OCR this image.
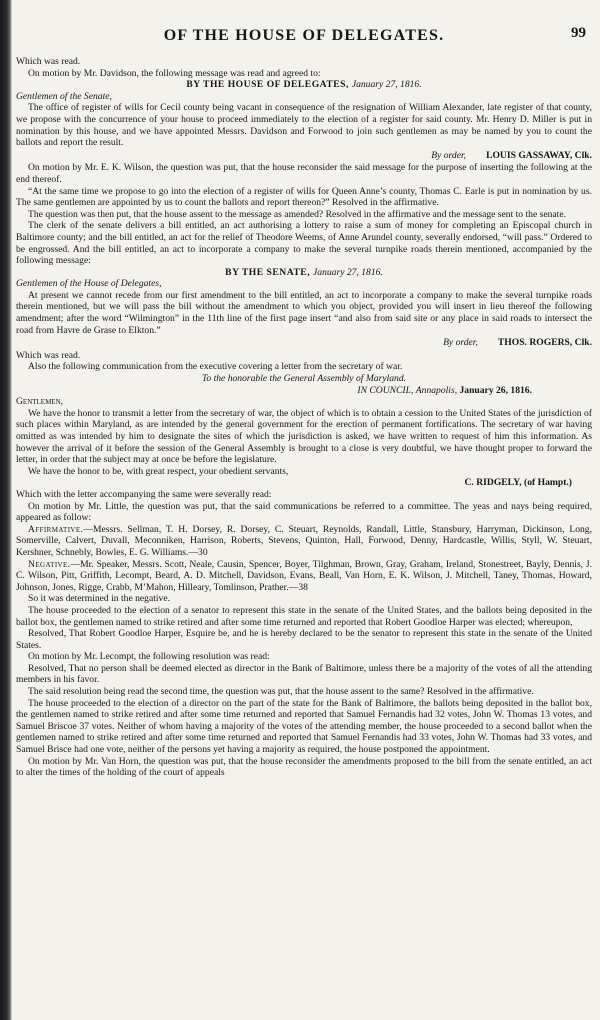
OF THE HOUSE OF DELEGATES.	99

Which was read.

On motion by Mr. Davidson, the following message was read and agreed to:

BY THE HOUSE OF DELEGATES, January 27, 1816.

Gentlemen of the Senate,

The office of register of wills for Cecil county being vacant in consequence of the resignation of William Alexander, late register of that county, we propose with the concurrence of your house to proceed immediately to the election of a register for said county. Mr. Henry D. Miller is put in nomination by this house, and we have appointed Messrs. Davidson and Forwood to join such gentlemen as may be named by you to count the ballots and report the result.

By order, LOUIS GASSAWAY, Clk.

On motion by Mr. E. K. Wilson, the question was put, that the house reconsider the said message for the purpose of inserting the following at the end thereof.

“At the same time we propose to go into the election of a register of wills for Queen Anne’s county, Thomas C. Earle is put in nomination by us. The same gentlemen are appointed by us to count the ballots and report thereon?” Resolved in the affirmative.

The question was then put, that the house assent to the message as amended? Resolved in the affirmative and the message sent to the senate.

The clerk of the senate delivers a bill entitled, an act authorising a lottery to raise a sum of money for completing an Episcopal church in Baltimore county; and the bill entitled, an act for the relief of Theodore Weems, of Anne Arundel county, severally endorsed, “will pass.” Ordered to be engrossed. And the bill entitled, an act to incorporate a company to make the several turnpike roads therein mentioned, accompanied by the following message:

BY THE SENATE, January 27, 1816.

Gentlemen of the House of Delegates,

At present we cannot recede from our first amendment to the bill entitled, an act to incorporate a company to make the several turnpike roads therein mentioned, but we will pass the bill without the amendment to which you object, provided you will insert in lieu thereof the following amendment; after the word “Wilmington” in the 11th line of the first page insert “and also from said site or any place in said roads to intersect the road from Havre de Grase to Elkton.”

By order, THOS. ROGERS, Clk.

Which was read.

Also the following communication from the executive covering a letter from the secretary of war.

To the honorable the General Assembly of Maryland.

IN COUNCIL, Annapolis, January 26, 1816.

Gentlemen,

We have the honor to transmit a letter from the secretary of war, the object of which is to obtain a cession to the United States of the jurisdiction of such places within Maryland, as are intended by the general government for the erection of permanent fortifications. The secretary of war having omitted as was intended by him to designate the sites of which the jurisdiction is asked, we have written to request of him this information. As however the arrival of it before the session of the General Assembly is brought to a close is very doubtful, we have thought proper to forward the letter, in order that the subject may at once be before the legislature.

We have the honor to be, with great respect, your obedient servants,

C. RIDGELY, (of Hampt.)

Which with the letter accompanying the same were severally read:

On motion by Mr. Little, the question was put, that the said communications be referred to a committee. The yeas and nays being required, appeared as follow:

Affirmative.—Messrs. Sellman, T. H. Dorsey, R. Dorsey, C. Steuart, Reynolds, Randall, Little, Stansbury, Harryman, Dickinson, Long, Somerville, Calvert, Duvall, Meconniken, Harrison, Roberts, Stevens, Quinton, Hall, Forwood, Denny, Hardcastle, Willis, Styll, W. Steuart, Kershner, Schnebly, Bowles, E. G. Williams.—30

Negative.—Mr. Speaker, Messrs. Scott, Neale, Causin, Spencer, Boyer, Tilghman, Brown, Gray, Graham, Ireland, Stonestreet, Bayly, Dennis, J. C. Wilson, Pitt, Griffith, Lecompt, Beard, A. D. Mitchell, Davidson, Evans, Beall, Van Horn, E. K. Wilson, J. Mitchell, Taney, Thomas, Howard, Johnson, Jones, Rigge, Crabb, M’Mahon, Hilleary, Tomlinson, Prather.—38

So it was determined in the negative.

The house proceeded to the election of a senator to represent this state in the senate of the United States, and the ballots being deposited in the ballot box, the gentlemen named to strike retired and after some time returned and reported that Robert Goodloe Harper was elected; whereupon,

Resolved, That Robert Goodloe Harper, Esquire be, and he is hereby declared to be the senator to represent this state in the senate of the United States.

On motion by Mr. Lecompt, the following resolution was read:

Resolved, That no person shall be deemed elected as director in the Bank of Baltimore, unless there be a majority of the votes of all the attending members in his favor.

The said resolution being read the second time, the question was put, that the house assent to the same? Resolved in the affirmative.

The house proceeded to the election of a director on the part of the state for the Bank of Baltimore, the ballots being deposited in the ballot box, the gentlemen named to strike retired and after some time returned and reported that Samuel Fernandis had 32 votes, John W. Thomas 13 votes, and Samuel Briscoe 37 votes. Neither of whom having a majority of the votes of the attending member, the house proceeded to a second ballot when the gentlemen named to strike retired and after some time returned and reported that Samuel Fernandis had 33 votes, John W. Thomas had 33 votes, and Samuel Brisce had one vote, neither of the persons yet having a majority as required, the house postponed the appointment.

On motion by Mr. Van Horn, the question was put, that the house reconsider the amendments proposed to the bill from the senate entitled, an act to alter the times of the holding of the court of appeals
